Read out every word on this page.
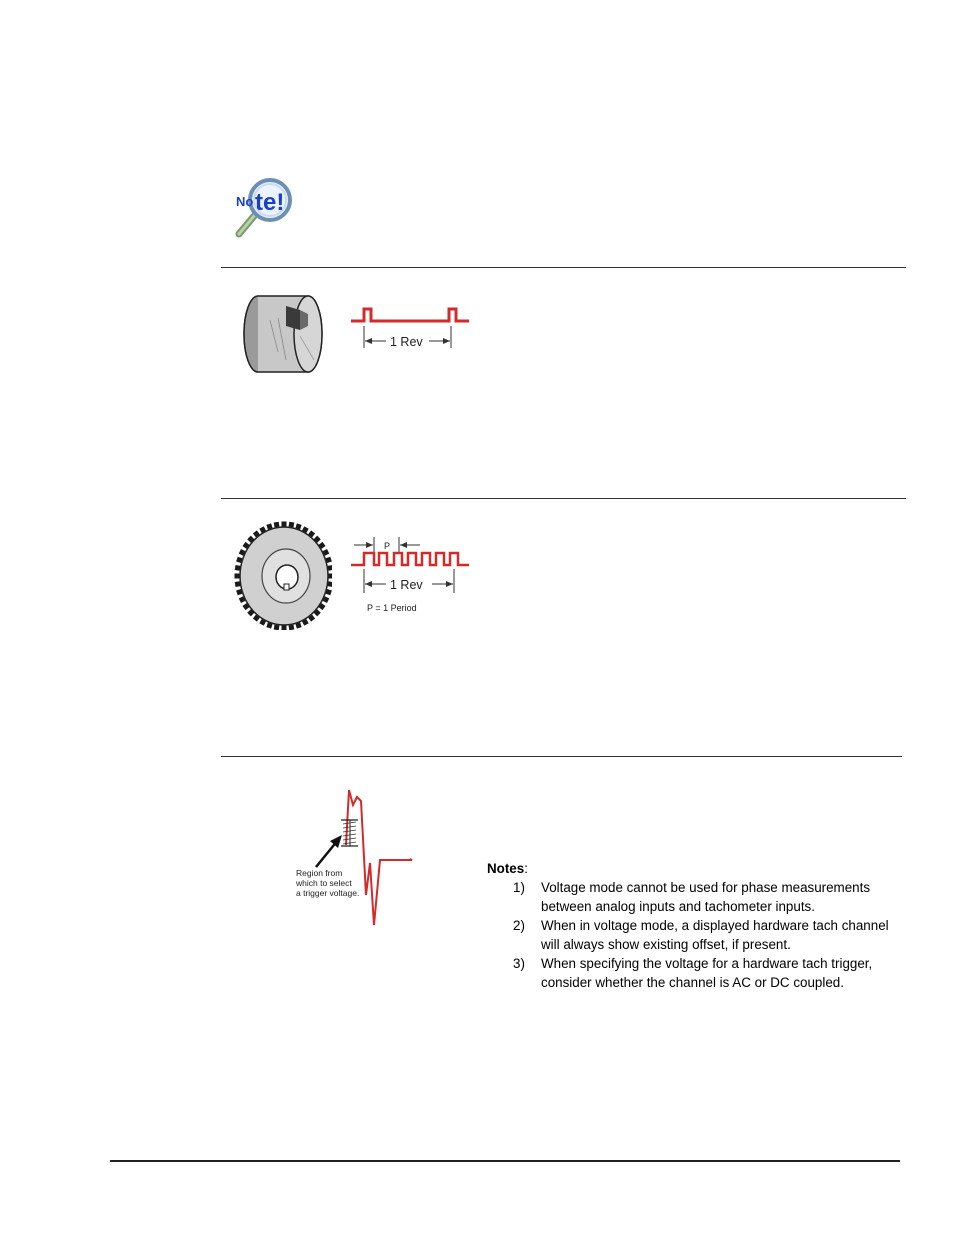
No te!
1 Rev
P
1 Rev
P = 1 Period
Region from
which to select
a trigger voltage.
Notes:
1) Voltage mode cannot be used for phase measurements between analog inputs and tachometer inputs.
2) When in voltage mode, a displayed hardware tach channel will always show existing offset, if present.
3) When specifying the voltage for a hardware tach trigger, consider whether the channel is AC or DC coupled.
